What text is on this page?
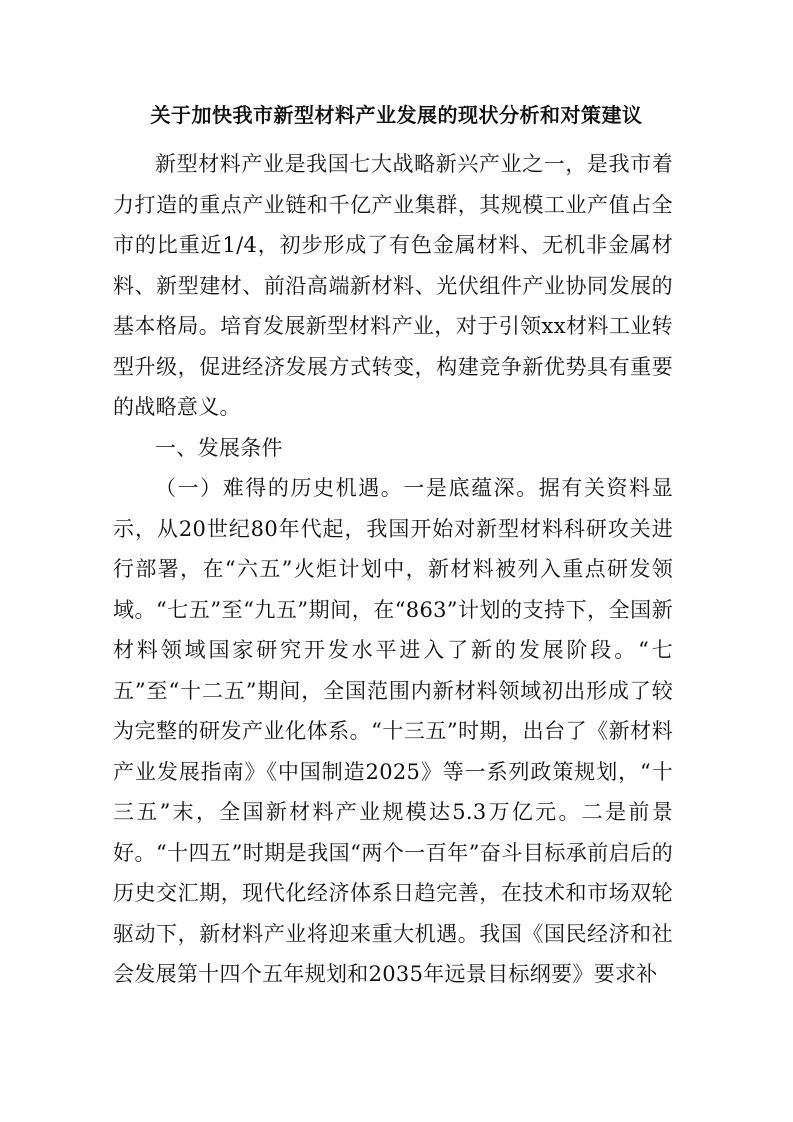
关于加快我市新型材料产业发展的现状分析和对策建议

新型材料产业是我国七大战略新兴产业之一，是我市着力打造的重点产业链和千亿产业集群，其规模工业产值占全市的比重近1/4，初步形成了有色金属材料、无机非金属材料、新型建材、前沿高端新材料、光伏组件产业协同发展的基本格局。培育发展新型材料产业，对于引领xx材料工业转型升级，促进经济发展方式转变，构建竞争新优势具有重要的战略意义。

一、发展条件

（一）难得的历史机遇。一是底蕴深。据有关资料显示，从20世纪80年代起，我国开始对新型材料科研攻关进行部署，在“六五”火炬计划中，新材料被列入重点研发领域。“七五”至“九五”期间，在“863”计划的支持下，全国新材料领域国家研究开发水平进入了新的发展阶段。“七五”至“十二五”期间，全国范围内新材料领域初出形成了较为完整的研发产业化体系。“十三五”时期，出台了《新材料产业发展指南》《中国制造2025》等一系列政策规划，“十三五”末，全国新材料产业规模达5.3万亿元。二是前景好。“十四五”时期是我国“两个一百年”奋斗目标承前启后的历史交汇期，现代化经济体系日趋完善，在技术和市场双轮驱动下，新材料产业将迎来重大机遇。我国《国民经济和社会发展第十四个五年规划和2035年远景目标纲要》要求补
